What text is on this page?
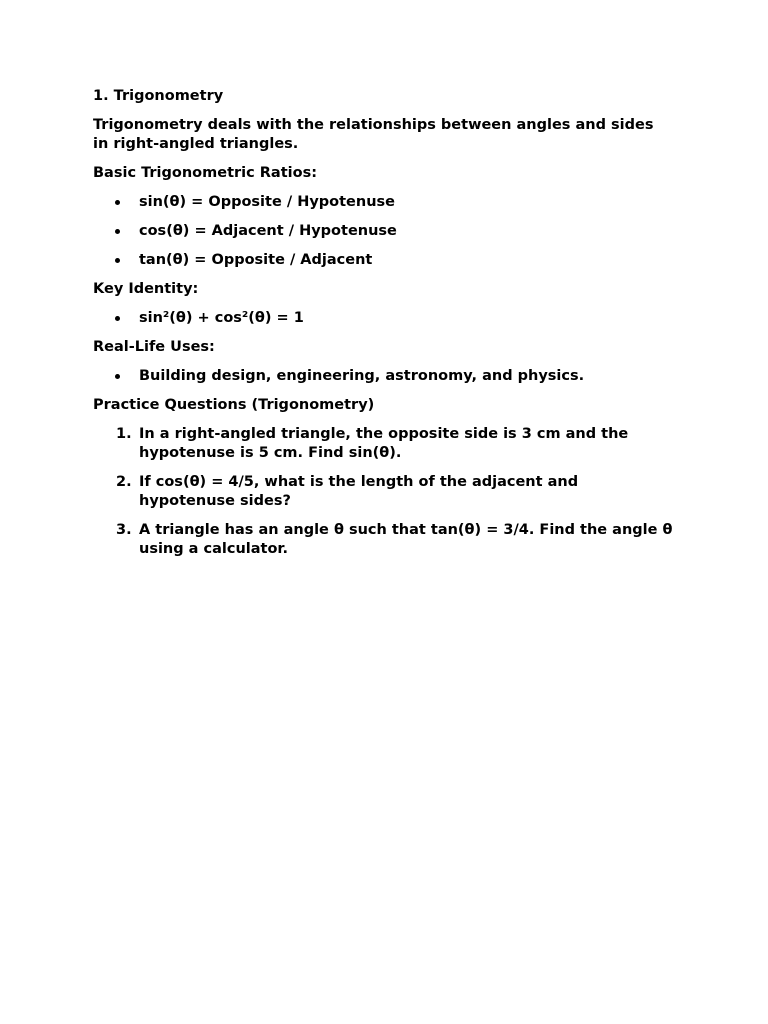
1. Trigonometry

Trigonometry deals with the relationships between angles and sides in right-angled triangles.

Basic Trigonometric Ratios:

sin(θ) = Opposite / Hypotenuse
cos(θ) = Adjacent / Hypotenuse
tan(θ) = Opposite / Adjacent

Key Identity:

sin²(θ) + cos²(θ) = 1

Real-Life Uses:

Building design, engineering, astronomy, and physics.

Practice Questions (Trigonometry)

1. In a right-angled triangle, the opposite side is 3 cm and the hypotenuse is 5 cm. Find sin(θ).
2. If cos(θ) = 4/5, what is the length of the adjacent and hypotenuse sides?
3. A triangle has an angle θ such that tan(θ) = 3/4. Find the angle θ using a calculator.
